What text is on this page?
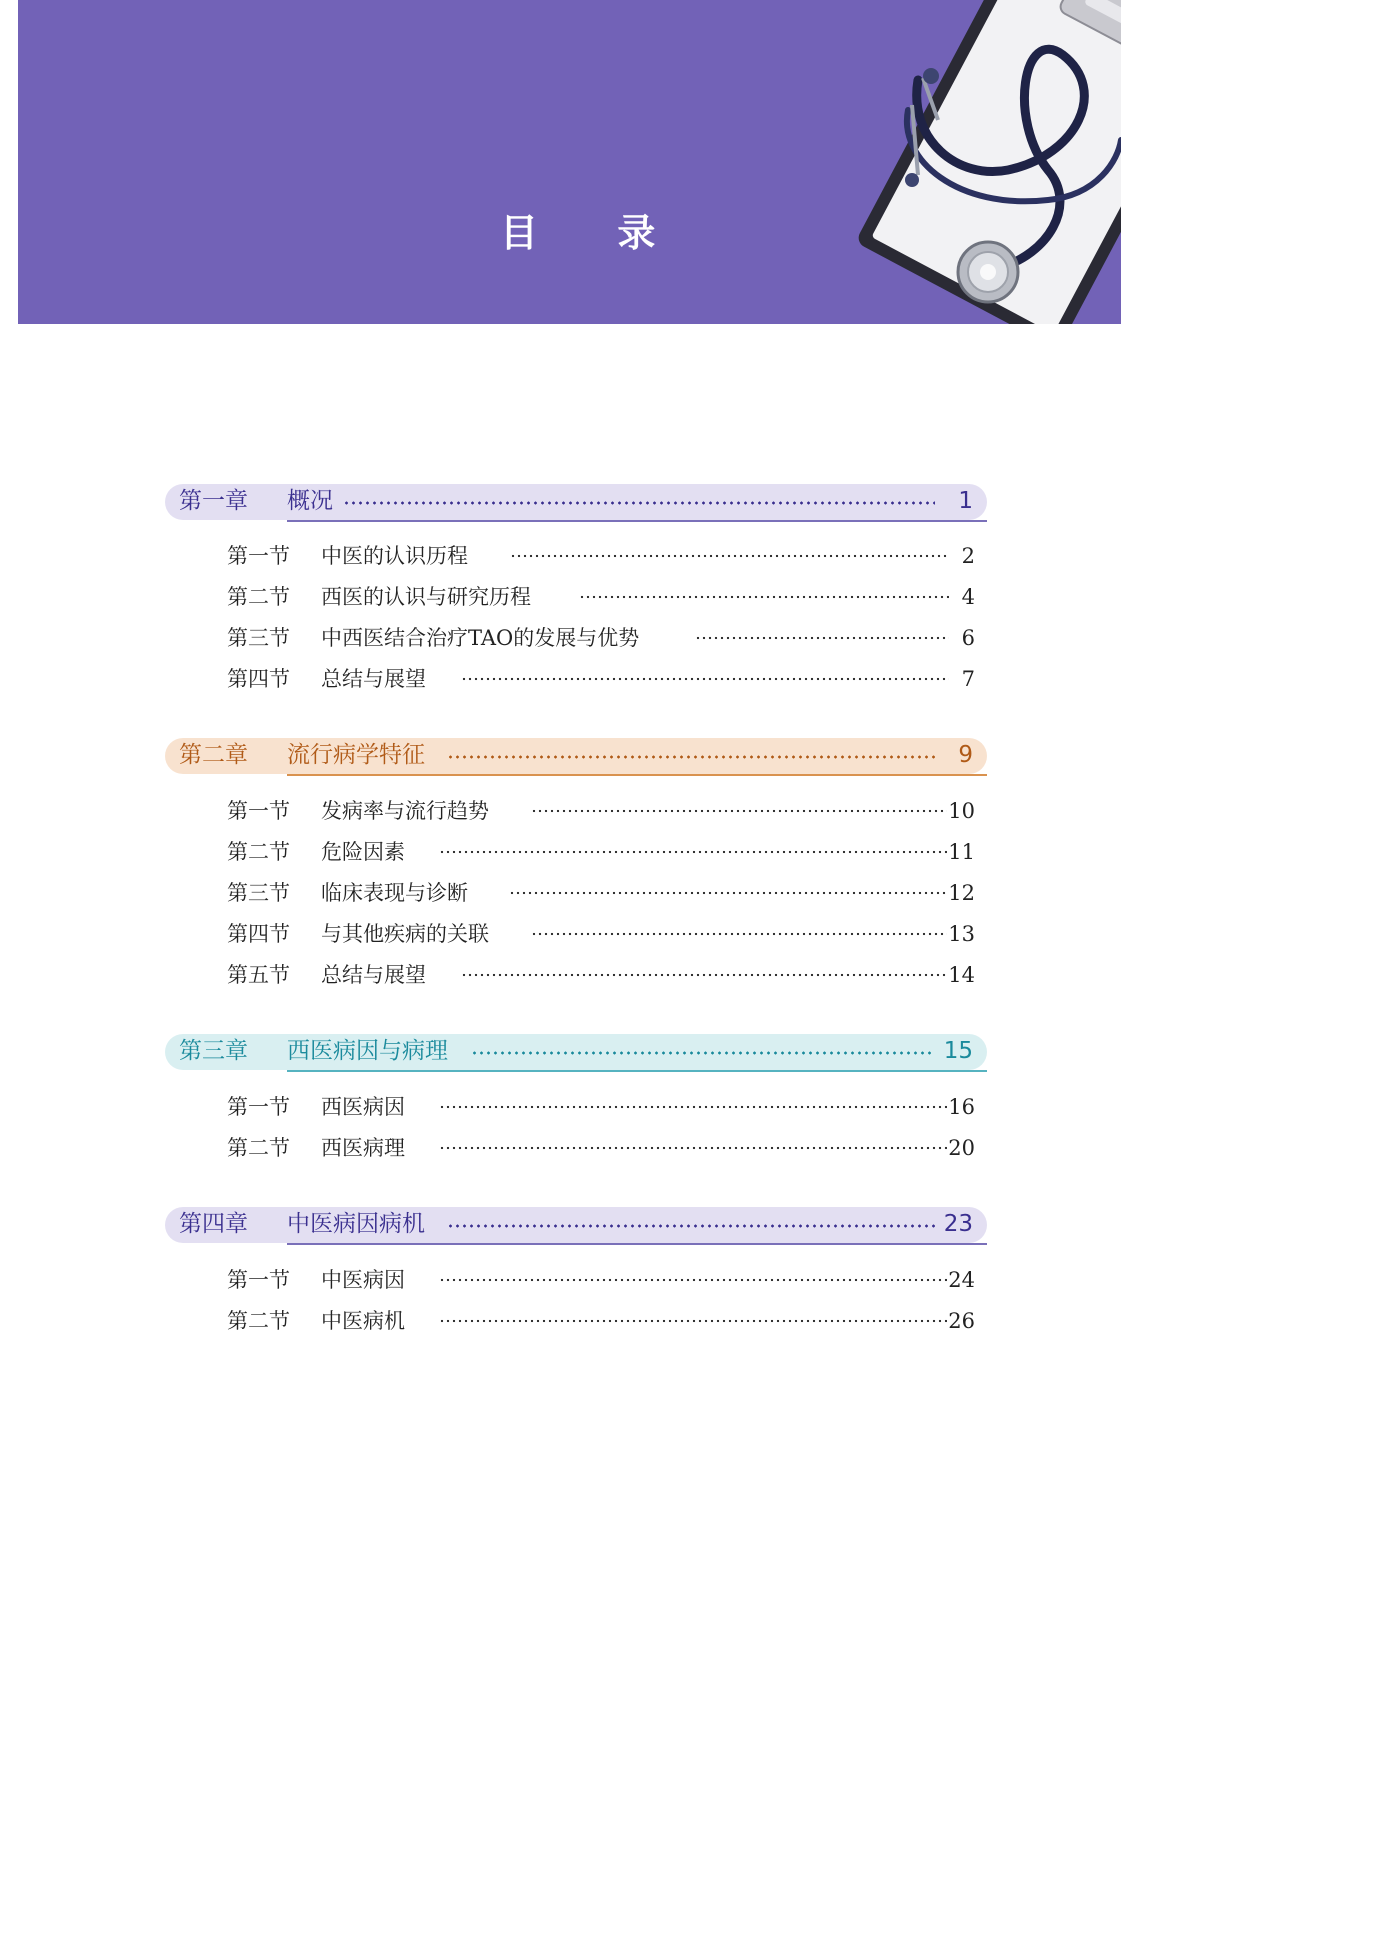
目      录
第一章 概况	1
第一节 中医的认识历程	2
第二节 西医的认识与研究历程	4
第三节 中西医结合治疗TAO的发展与优势	6
第四节 总结与展望	7
第二章 流行病学特征	9
第一节 发病率与流行趋势	10
第二节 危险因素	11
第三节 临床表现与诊断	12
第四节 与其他疾病的关联	13
第五节 总结与展望	14
第三章 西医病因与病理	15
第一节 西医病因	16
第二节 西医病理	20
第四章 中医病因病机	23
第一节 中医病因	24
第二节 中医病机	26
